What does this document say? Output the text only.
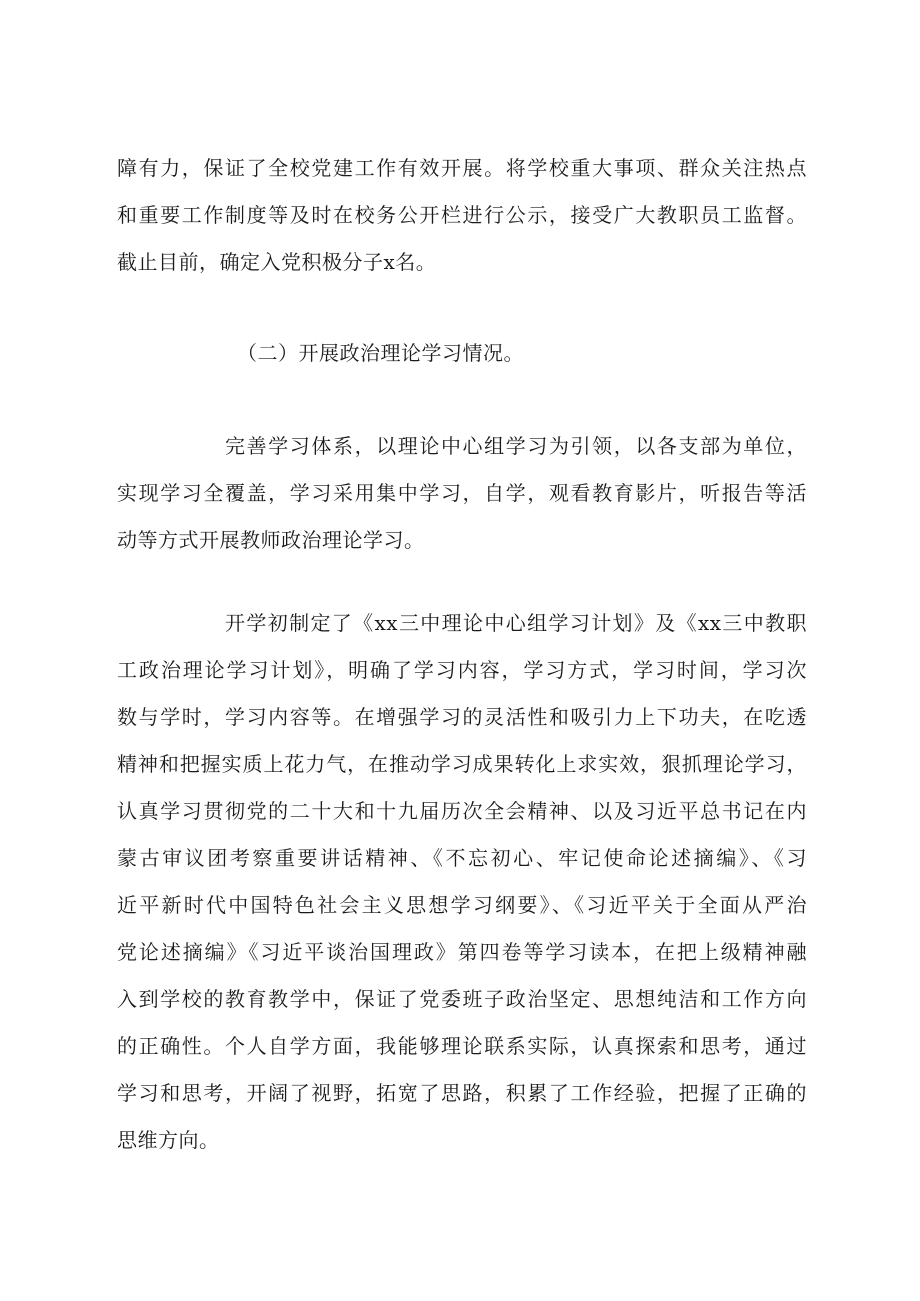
障有力，保证了全校党建工作有效开展。将学校重大事项、群众关注热点
和重要工作制度等及时在校务公开栏进行公示，接受广大教职员工监督。
截止目前，确定入党积极分子x名。
（二）开展政治理论学习情况。
完善学习体系，以理论中心组学习为引领，以各支部为单位，
实现学习全覆盖，学习采用集中学习，自学，观看教育影片，听报告等活
动等方式开展教师政治理论学习。
开学初制定了《xx三中理论中心组学习计划》及《xx三中教职
工政治理论学习计划》，明确了学习内容，学习方式，学习时间，学习次
数与学时，学习内容等。在增强学习的灵活性和吸引力上下功夫，在吃透
精神和把握实质上花力气，在推动学习成果转化上求实效，狠抓理论学习，
认真学习贯彻党的二十大和十九届历次全会精神、以及习近平总书记在内
蒙古审议团考察重要讲话精神、《不忘初心、牢记使命论述摘编》、《习
近平新时代中国特色社会主义思想学习纲要》、《习近平关于全面从严治
党论述摘编》《习近平谈治国理政》第四卷等学习读本，在把上级精神融
入到学校的教育教学中，保证了党委班子政治坚定、思想纯洁和工作方向
的正确性。个人自学方面，我能够理论联系实际，认真探索和思考，通过
学习和思考，开阔了视野，拓宽了思路，积累了工作经验，把握了正确的
思维方向。
